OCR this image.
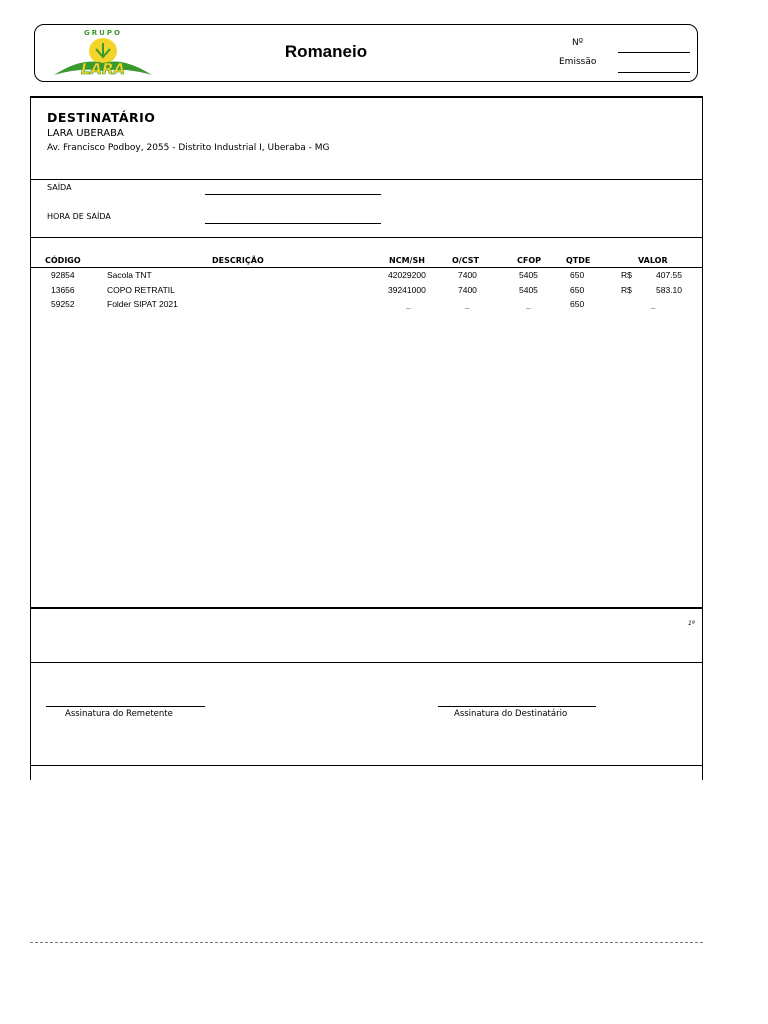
GRUPO
LARA
Romaneio	Nº
Emissão
DESTINATÁRIO
LARA UBERABA
Av. Francisco Podboy, 2055 - Distrito Industrial I, Uberaba - MG
SAÍDA
HORA DE SAÍDA
CÓDIGO	DESCRIÇÃO	NCM/SH	O/CST	CFOP	QTDE	VALOR
92854	Sacola TNT	42029200	7400	5405	650	R$	407.55
13656	COPO RETRATIL	39241000	7400	5405	650	R$	583.10
59252	Folder SIPAT 2021	_	_	_	650	_
1ª
Assinatura do Remetente	Assinatura do Destinatário
